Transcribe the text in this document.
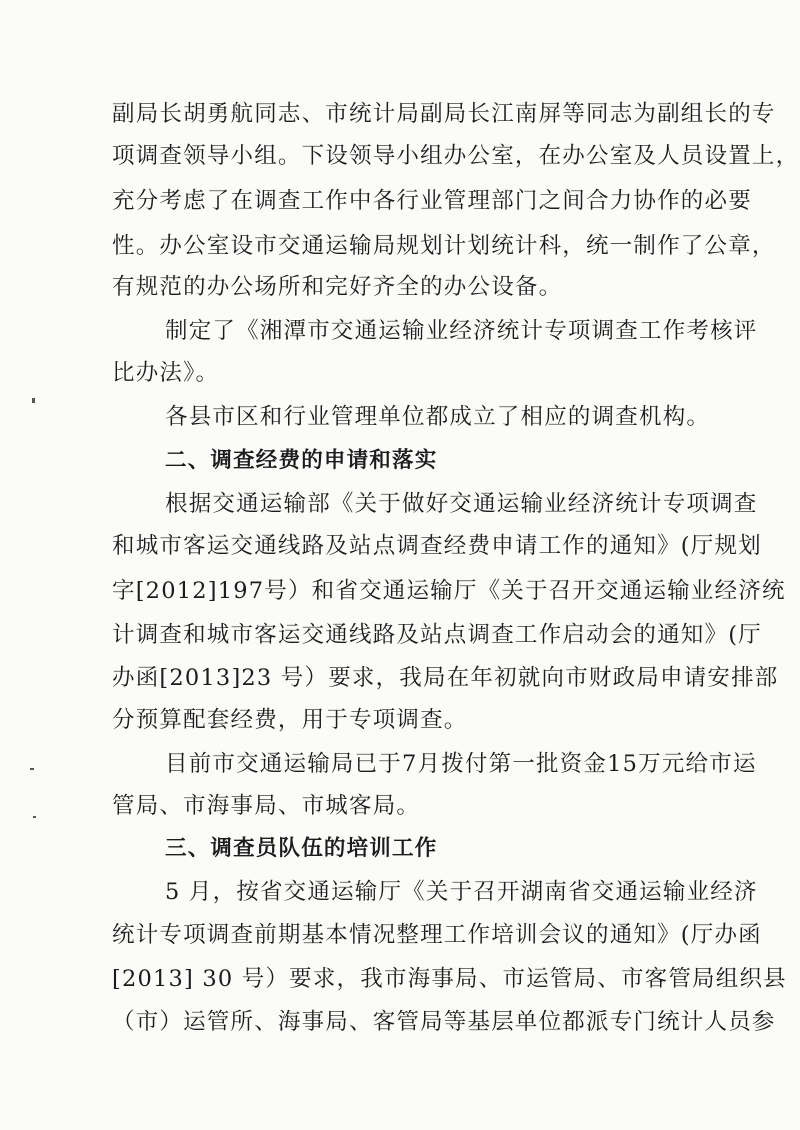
副局长胡勇航同志、市统计局副局长江南屏等同志为副组长的专
项调查领导小组。下设领导小组办公室，在办公室及人员设置上，
充分考虑了在调查工作中各行业管理部门之间合力协作的必要
性。办公室设市交通运输局规划计划统计科，统一制作了公章，
有规范的办公场所和完好齐全的办公设备。
制定了《湘潭市交通运输业经济统计专项调查工作考核评
比办法》。
各县市区和行业管理单位都成立了相应的调查机构。
二、调查经费的申请和落实
根据交通运输部《关于做好交通运输业经济统计专项调查
和城市客运交通线路及站点调查经费申请工作的通知》(厅规划
字[2012]197号）和省交通运输厅《关于召开交通运输业经济统
计调查和城市客运交通线路及站点调查工作启动会的通知》(厅
办函[2013]23 号）要求，我局在年初就向市财政局申请安排部
分预算配套经费，用于专项调查。
目前市交通运输局已于7月拨付第一批资金15万元给市运
管局、市海事局、市城客局。
三、调查员队伍的培训工作
5 月，按省交通运输厅《关于召开湖南省交通运输业经济
统计专项调查前期基本情况整理工作培训会议的通知》(厅办函
[2013] 30 号）要求，我市海事局、市运管局、市客管局组织县
（市）运管所、海事局、客管局等基层单位都派专门统计人员参
